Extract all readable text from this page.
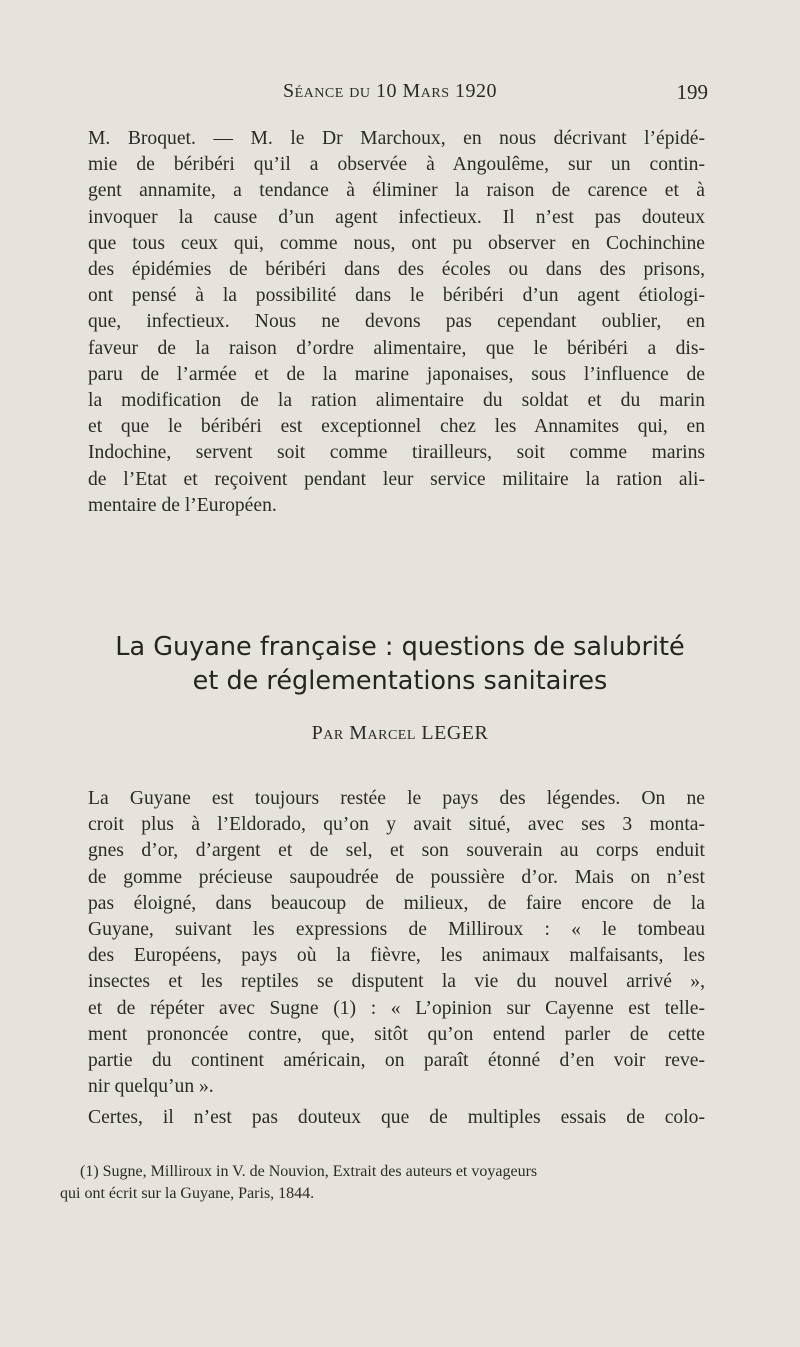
Séance du 10 Mars 1920	199
M. Broquet. — M. le Dr Marchoux, en nous décrivant l’épidé-
mie de béribéri qu’il a observée à Angoulême, sur un contin-
gent annamite, a tendance à éliminer la raison de carence et à
invoquer la cause d’un agent infectieux. Il n’est pas douteux
que tous ceux qui, comme nous, ont pu observer en Cochinchine
des épidémies de béribéri dans des écoles ou dans des prisons,
ont pensé à la possibilité dans le béribéri d’un agent étiologi-
que, infectieux. Nous ne devons pas cependant oublier, en
faveur de la raison d’ordre alimentaire, que le béribéri a dis-
paru de l’armée et de la marine japonaises, sous l’influence de
la modification de la ration alimentaire du soldat et du marin
et que le béribéri est exceptionnel chez les Annamites qui, en
Indochine, servent soit comme tirailleurs, soit comme marins
de l’Etat et reçoivent pendant leur service militaire la ration ali-
mentaire de l’Européen.
La Guyane française : questions de salubrité
et de réglementations sanitaires
Par Marcel LEGER
La Guyane est toujours restée le pays des légendes. On ne
croit plus à l’Eldorado, qu’on y avait situé, avec ses 3 monta-
gnes d’or, d’argent et de sel, et son souverain au corps enduit
de gomme précieuse saupoudrée de poussière d’or. Mais on n’est
pas éloigné, dans beaucoup de milieux, de faire encore de la
Guyane, suivant les expressions de Milliroux : « le tombeau
des Européens, pays où la fièvre, les animaux malfaisants, les
insectes et les reptiles se disputent la vie du nouvel arrivé »,
et de répéter avec Sugne (1) : « L’opinion sur Cayenne est telle-
ment prononcée contre, que, sitôt qu’on entend parler de cette
partie du continent américain, on paraît étonné d’en voir reve-
nir quelqu’un ».
Certes, il n’est pas douteux que de multiples essais de colo-
(1) Sugne, Milliroux in V. de Nouvion, Extrait des auteurs et voyageurs
qui ont écrit sur la Guyane, Paris, 1844.
